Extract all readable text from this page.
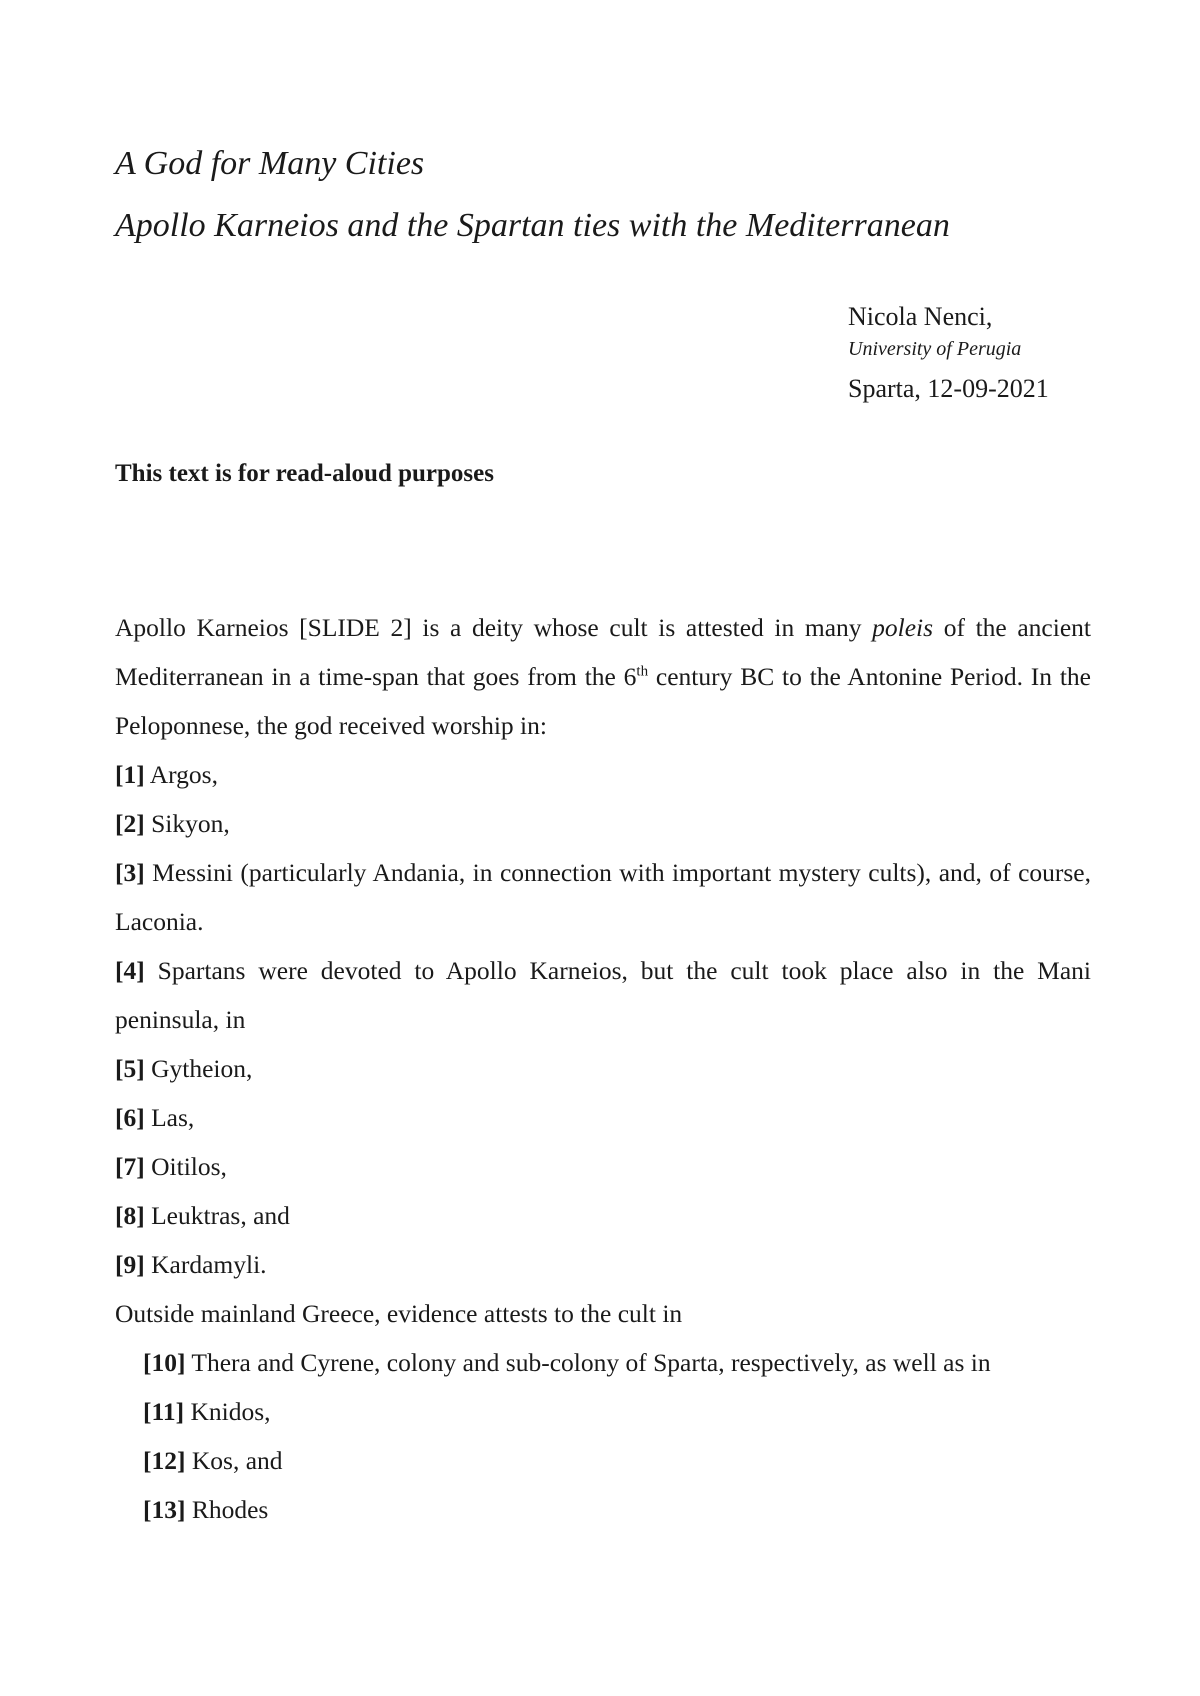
A God for Many Cities
Apollo Karneios and the Spartan ties with the Mediterranean
Nicola Nenci,
University of Perugia
Sparta, 12-09-2021
This text is for read-aloud purposes

Apollo Karneios [SLIDE 2] is a deity whose cult is attested in many poleis of the ancient Mediterranean in a time-span that goes from the 6th century BC to the Antonine Period. In the Peloponnese, the god received worship in:

[1] Argos,

[2] Sikyon,

[3] Messini (particularly Andania, in connection with important mystery cults), and, of course, Laconia.

[4] Spartans were devoted to Apollo Karneios, but the cult took place also in the Mani peninsula, in

[5] Gytheion,

[6] Las,

[7] Oitilos,

[8] Leuktras, and

[9] Kardamyli.

Outside mainland Greece, evidence attests to the cult in

[10] Thera and Cyrene, colony and sub-colony of Sparta, respectively, as well as in

[11] Knidos,

[12] Kos, and

[13] Rhodes
